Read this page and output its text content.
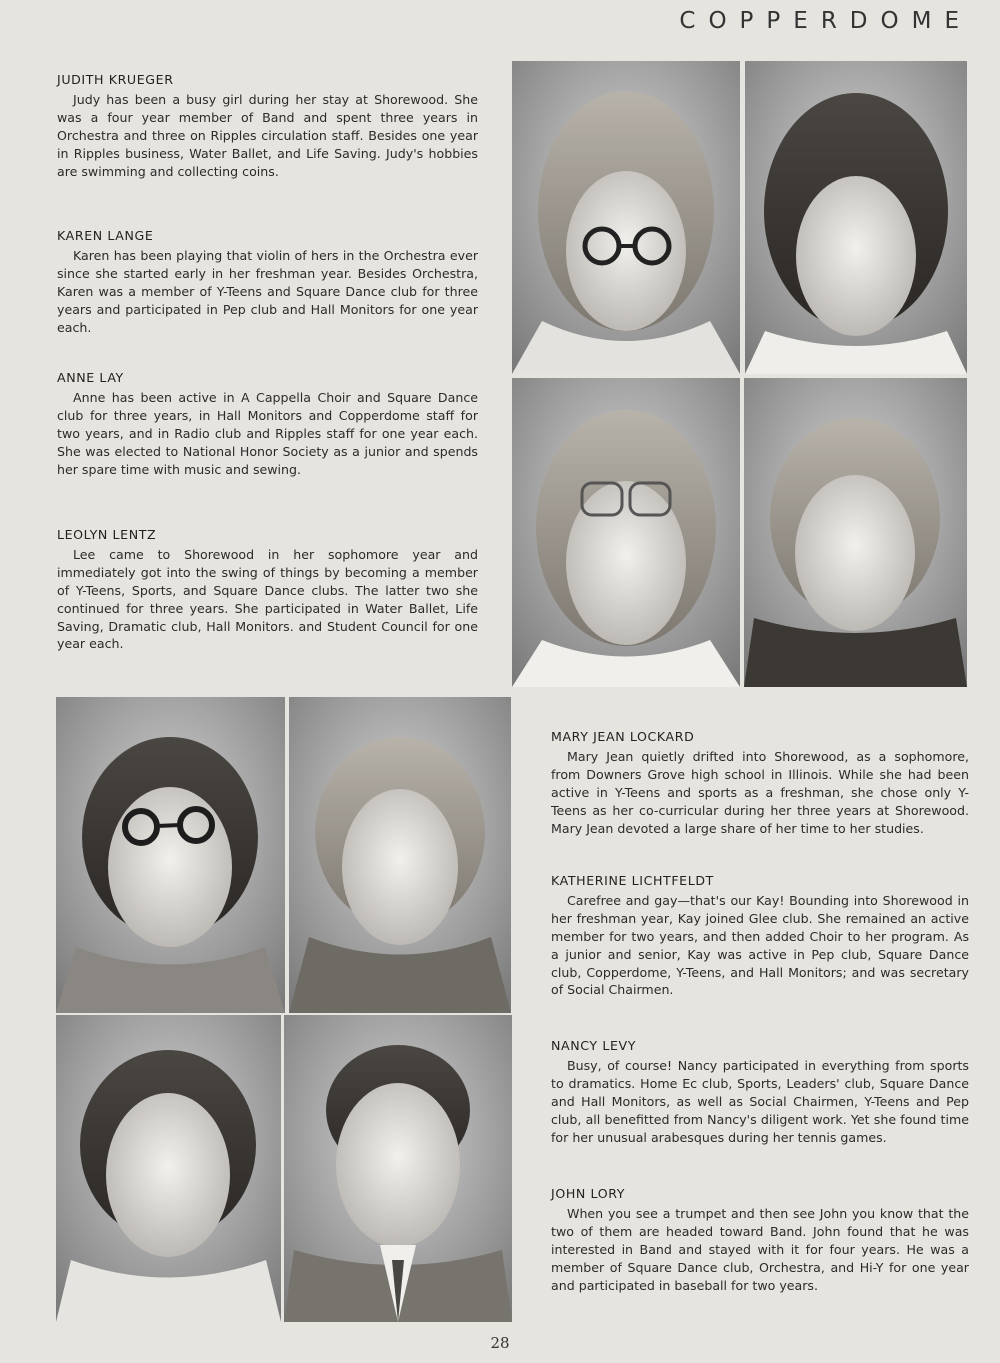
COPPERDOME
JUDITH KRUEGER
Judy has been a busy girl during her stay at Shorewood. She was a four year member of Band and spent three years in Orchestra and three on Ripples circulation staff. Besides one year in Ripples business, Water Ballet, and Life Saving. Judy's hobbies are swimming and collecting coins.
KAREN LANGE
Karen has been playing that violin of hers in the Orchestra ever since she started early in her freshman year. Besides Orchestra, Karen was a member of Y-Teens and Square Dance club for three years and participated in Pep club and Hall Monitors for one year each.
ANNE LAY
Anne has been active in A Cappella Choir and Square Dance club for three years, in Hall Monitors and Copperdome staff for two years, and in Radio club and Ripples staff for one year each. She was elected to National Honor Society as a junior and spends her spare time with music and sewing.
LEOLYN LENTZ
Lee came to Shorewood in her sophomore year and immediately got into the swing of things by becoming a member of Y-Teens, Sports, and Square Dance clubs. The latter two she continued for three years. She participated in Water Ballet, Life Saving, Dramatic club, Hall Monitors. and Student Council for one year each.
MARY JEAN LOCKARD
Mary Jean quietly drifted into Shorewood, as a sophomore, from Downers Grove high school in Illinois. While she had been active in Y-Teens and sports as a freshman, she chose only Y-Teens as her co-curricular during her three years at Shorewood. Mary Jean devoted a large share of her time to her studies.
KATHERINE LICHTFELDT
Carefree and gay—that's our Kay! Bounding into Shorewood in her freshman year, Kay joined Glee club. She remained an active member for two years, and then added Choir to her program. As a junior and senior, Kay was active in Pep club, Square Dance club, Copperdome, Y-Teens, and Hall Monitors; and was secretary of Social Chairmen.
NANCY LEVY
Busy, of course! Nancy participated in everything from sports to dramatics. Home Ec club, Sports, Leaders' club, Square Dance and Hall Monitors, as well as Social Chairmen, Y-Teens and Pep club, all benefitted from Nancy's diligent work. Yet she found time for her unusual arabesques during her tennis games.
JOHN LORY
When you see a trumpet and then see John you know that the two of them are headed toward Band. John found that he was interested in Band and stayed with it for four years. He was a member of Square Dance club, Orchestra, and Hi-Y for one year and participated in baseball for two years.
28
